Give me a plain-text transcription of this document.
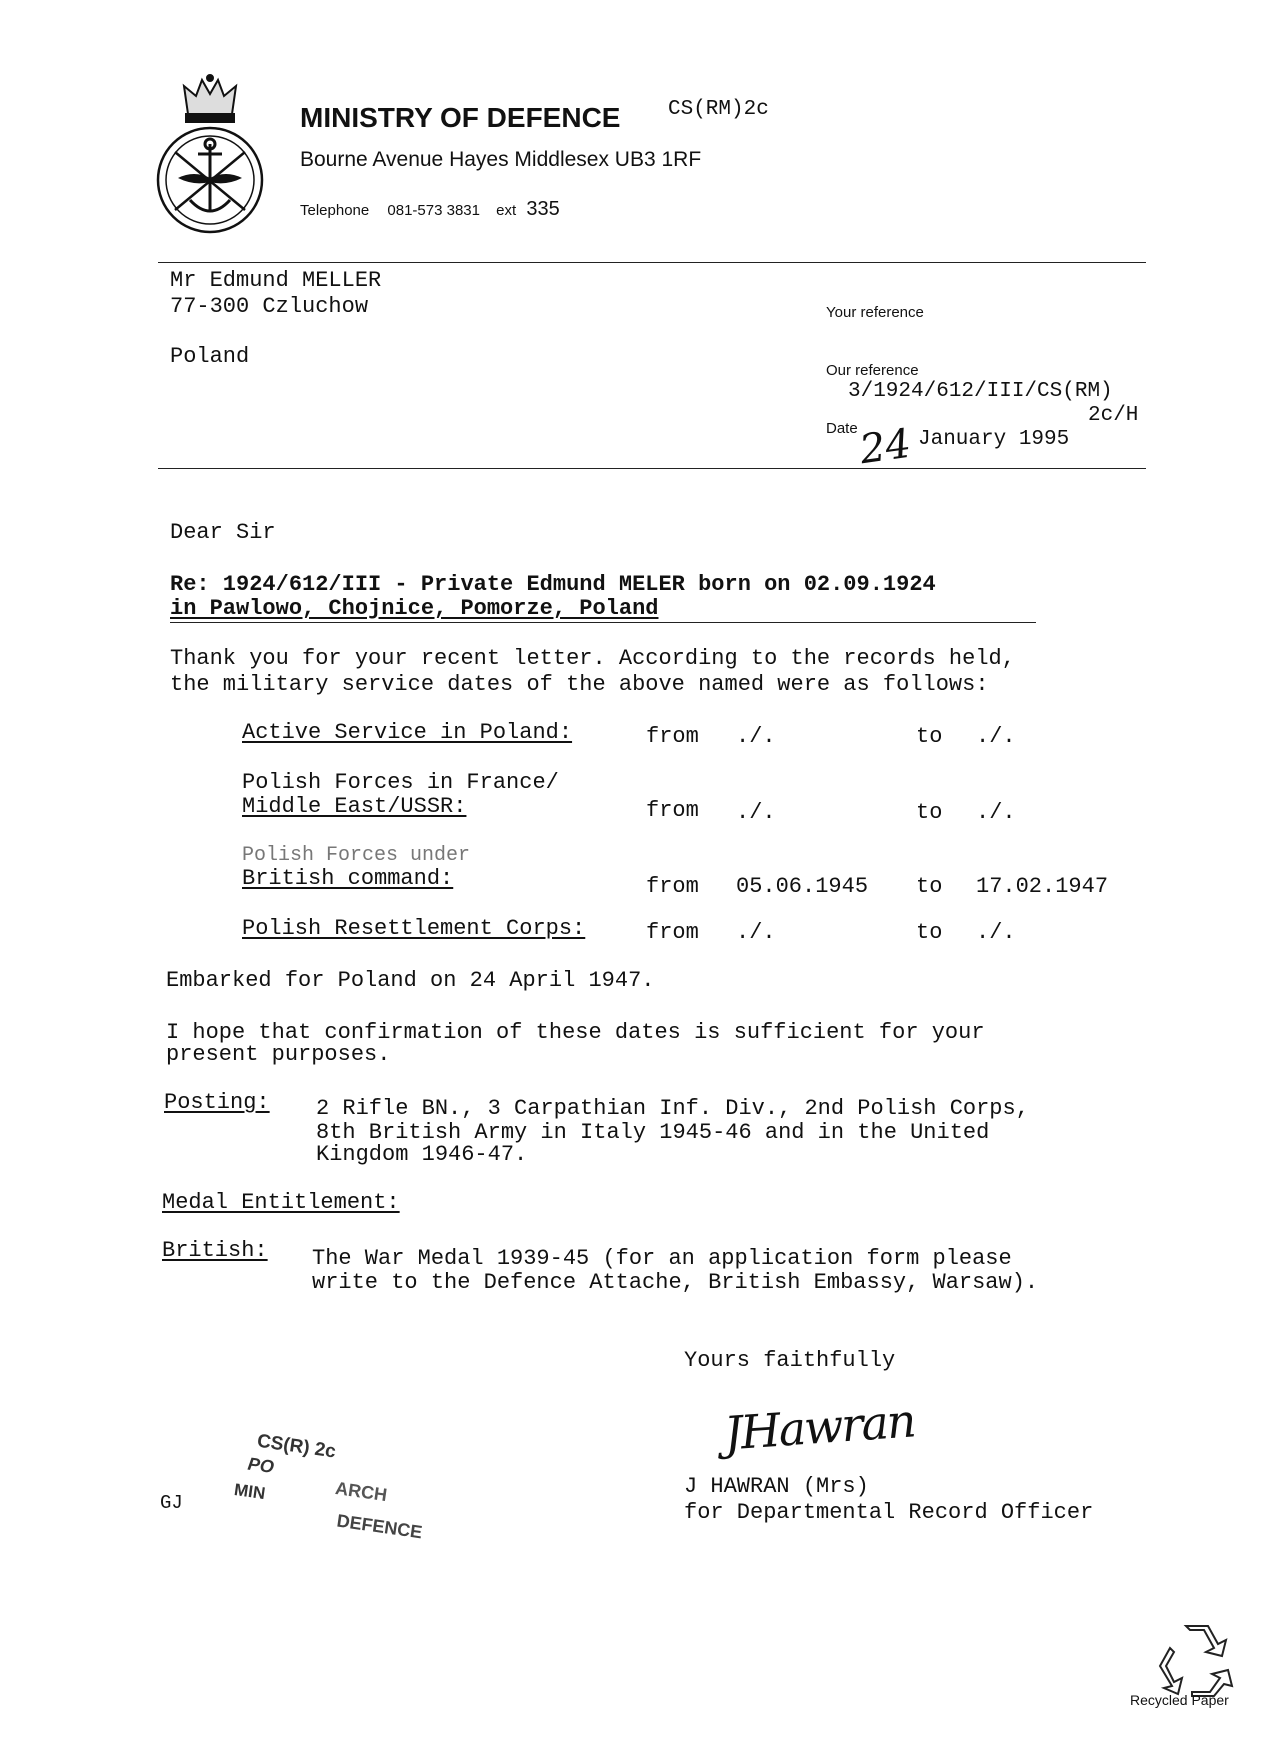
MINISTRY OF DEFENCE CS(RM)2c
Bourne Avenue Hayes Middlesex UB3 1RF
Telephone 081-573 3831 ext 335
Mr Edmund MELLER
77-300 Czluchow
Poland
Your reference
Our reference
3/1924/612/III/CS(RM)
2c/H
Date 24 January 1995
Dear Sir
Re: 1924/612/III - Private Edmund MELER born on 02.09.1924
in Pawlowo, Chojnice, Pomorze, Poland
Thank you for your recent letter. According to the records held,
the military service dates of the above named were as follows:
Active Service in Poland:	from ./.	to ./.
Polish Forces in France/
Middle East/USSR:	from ./.	to ./.
Polish Forces under
British command:	from 05.06.1945 to 17.02.1947
Polish Resettlement Corps:	from ./.	to ./.
Embarked for Poland on 24 April 1947.
I hope that confirmation of these dates is sufficient for your
present purposes.
Posting: 2 Rifle BN., 3 Carpathian Inf. Div., 2nd Polish Corps,
8th British Army in Italy 1945-46 and in the United
Kingdom 1946-47.
Medal Entitlement:
British: The War Medal 1939-45 (for an application form please
write to the Defence Attache, British Embassy, Warsaw).
Yours faithfully
JHawran
J HAWRAN (Mrs)
for Departmental Record Officer
GJ
CS(R) 2c
PO
ARCH
MIN
DEFENCE
Recycled Paper
